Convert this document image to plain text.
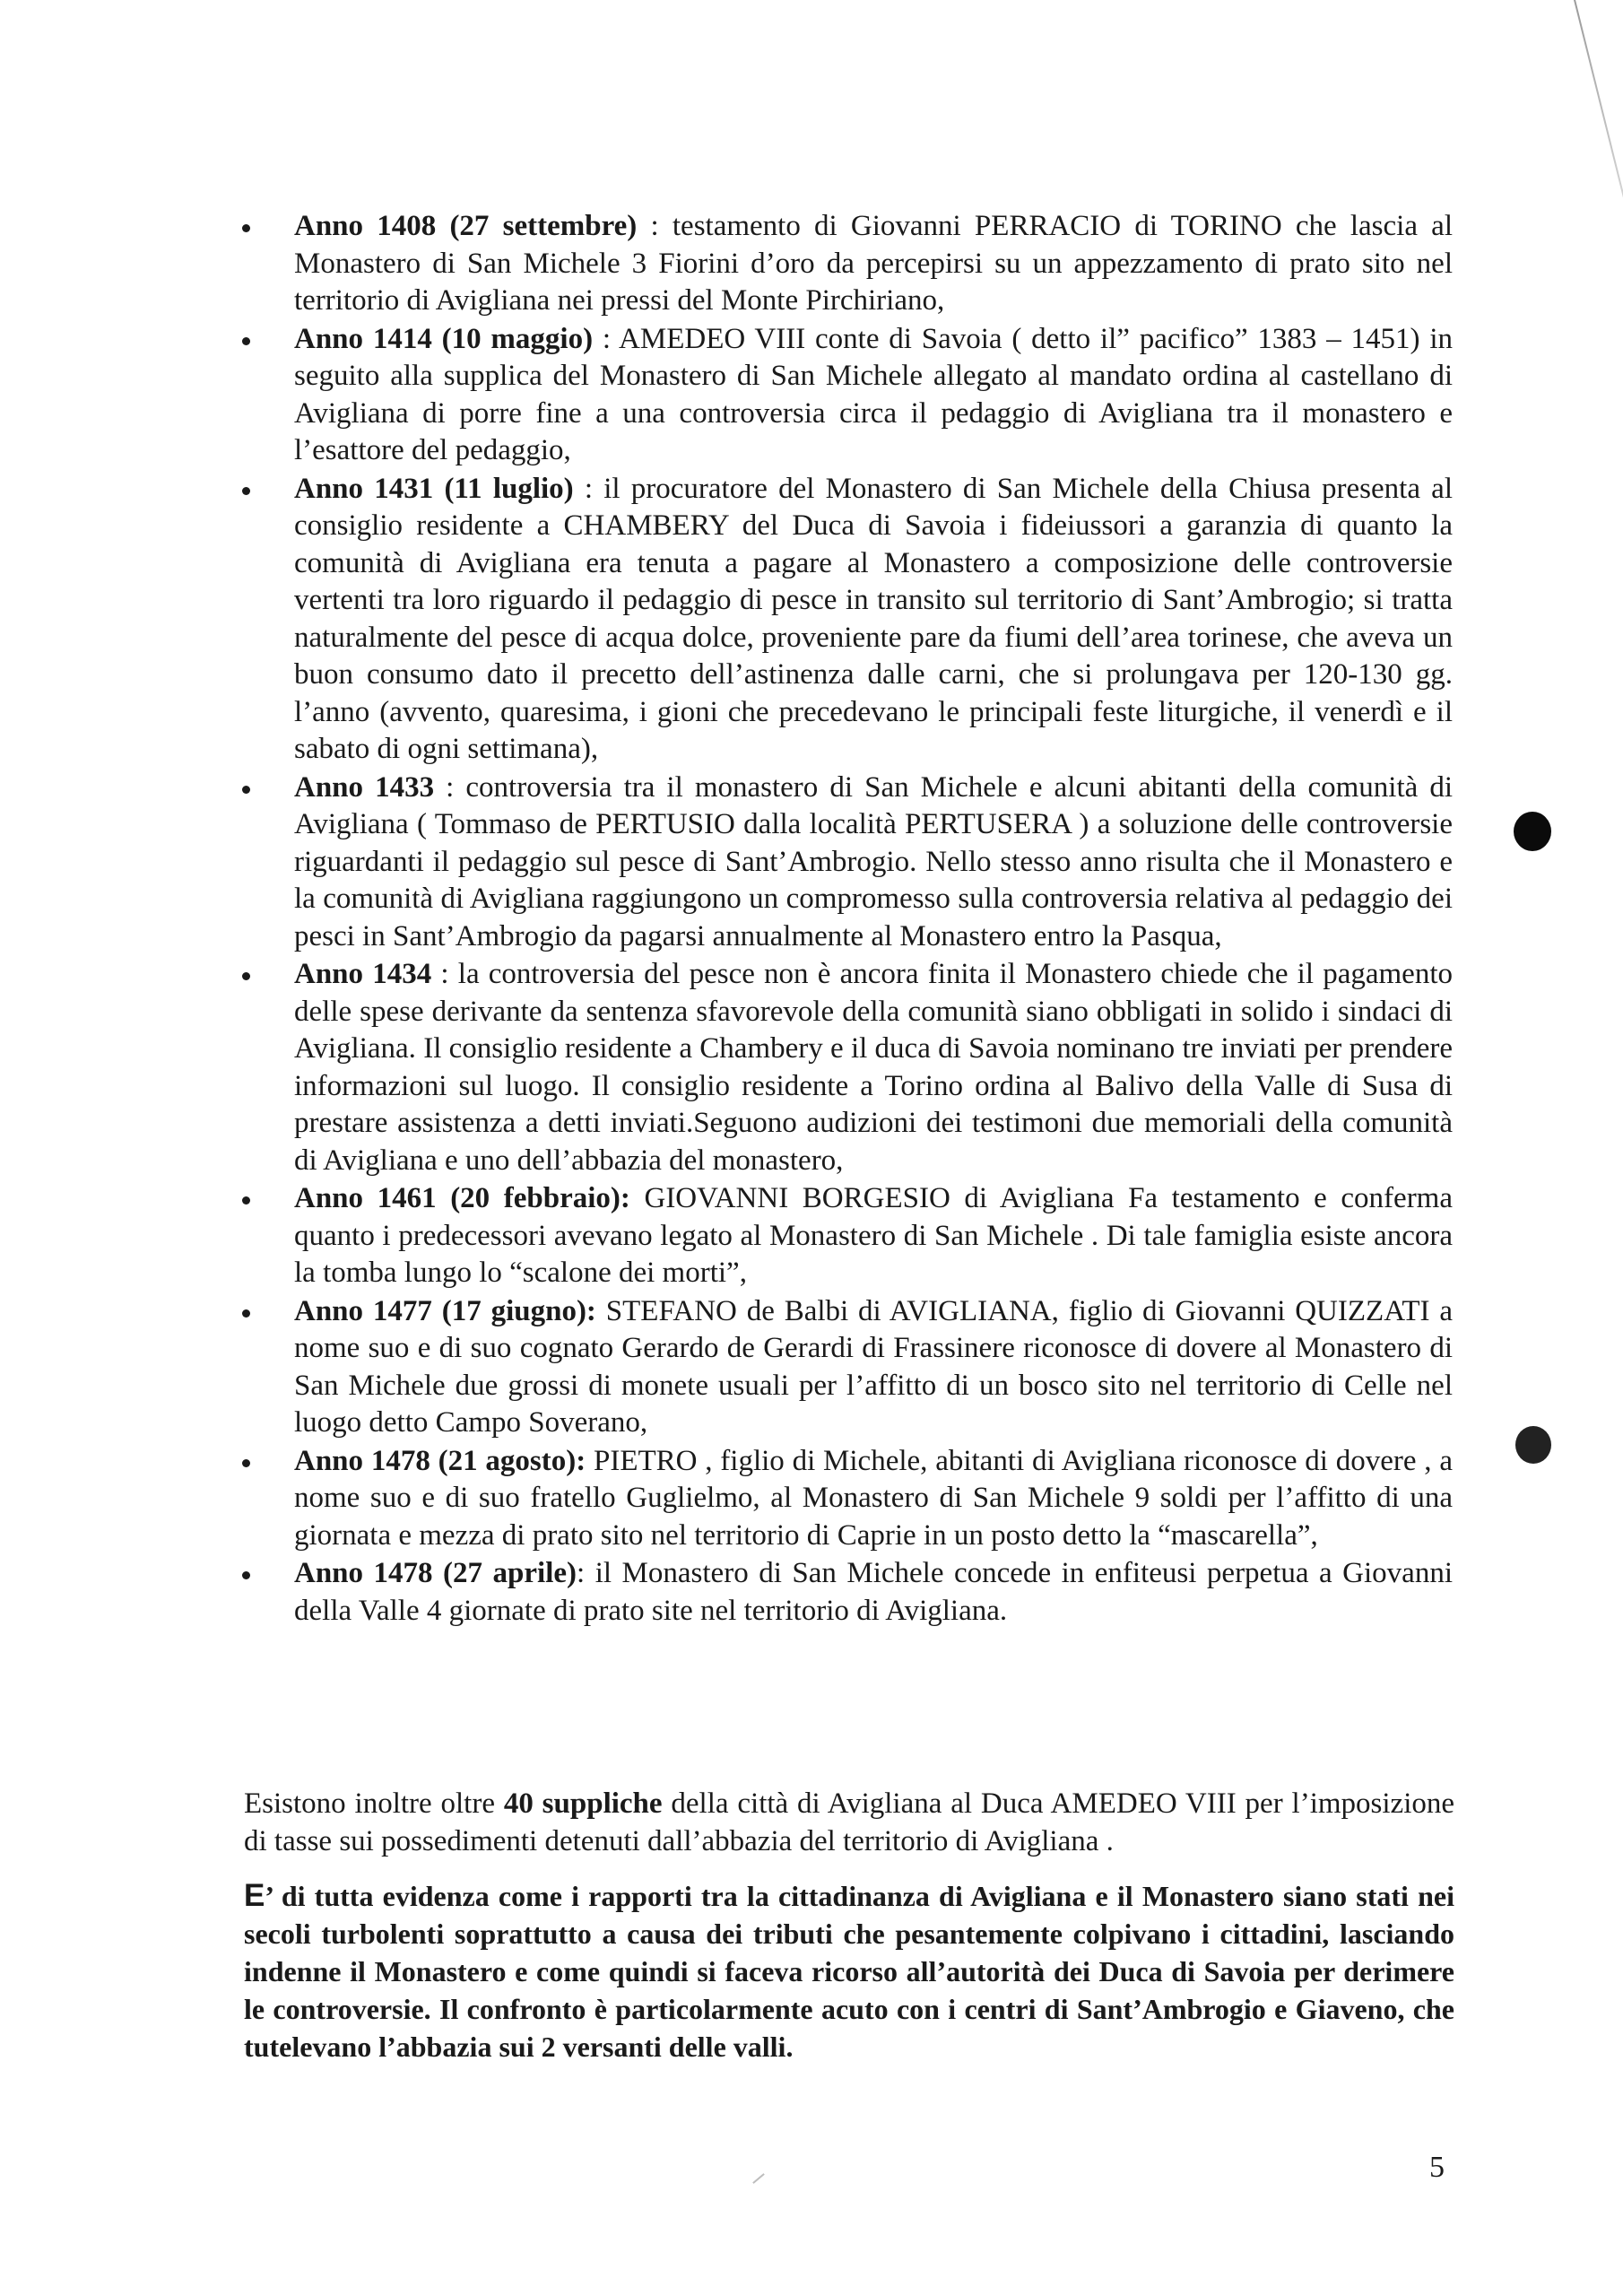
Anno 1408 (27 settembre) : testamento di Giovanni PERRACIO di TORINO che lascia al Monastero di San Michele 3 Fiorini d’oro da percepirsi su un appezzamento di prato sito nel territorio di Avigliana nei pressi del Monte Pirchiriano,
Anno 1414 (10 maggio) : AMEDEO VIII conte di Savoia ( detto il” pacifico” 1383 – 1451) in seguito alla supplica del Monastero di San Michele allegato al mandato ordina al castellano di Avigliana di porre fine a una controversia circa il pedaggio di Avigliana tra il monastero e l’esattore del pedaggio,
Anno 1431 (11 luglio) : il procuratore del Monastero di San Michele della Chiusa presenta al consiglio residente a CHAMBERY del Duca di Savoia i fideiussori a garanzia di quanto la comunità di Avigliana era tenuta a pagare al Monastero a composizione delle controversie vertenti tra loro riguardo il pedaggio di pesce in transito sul territorio di Sant’Ambrogio; si tratta naturalmente del pesce di acqua dolce, proveniente pare da fiumi dell’area torinese, che aveva un buon consumo dato il precetto dell’astinenza dalle carni, che si prolungava per 120-130 gg. l’anno (avvento, quaresima, i gioni che precedevano le principali feste liturgiche, il venerdì e il sabato di ogni settimana),
Anno 1433 : controversia tra il monastero di San Michele e alcuni abitanti della comunità di Avigliana ( Tommaso de PERTUSIO dalla località PERTUSERA ) a soluzione delle controversie riguardanti il pedaggio sul pesce di Sant’Ambrogio. Nello stesso anno risulta che il Monastero e la comunità di Avigliana raggiungono un compromesso sulla controversia relativa al pedaggio dei pesci in Sant’Ambrogio da pagarsi annualmente al Monastero entro la Pasqua,
Anno 1434 : la controversia del pesce non è ancora finita il Monastero chiede che il pagamento delle spese derivante da sentenza sfavorevole della comunità siano obbligati in solido i sindaci di Avigliana. Il consiglio residente a Chambery e il duca di Savoia nominano tre inviati per prendere informazioni sul luogo. Il consiglio residente a Torino ordina al Balivo della Valle di Susa di prestare assistenza a detti inviati.Seguono audizioni dei testimoni due memoriali della comunità di Avigliana e uno dell’abbazia del monastero,
Anno 1461 (20 febbraio): GIOVANNI BORGESIO di Avigliana Fa testamento e conferma quanto i predecessori avevano legato al Monastero di San Michele . Di tale famiglia esiste ancora la tomba lungo lo “scalone dei morti”,
Anno 1477 (17 giugno): STEFANO de Balbi di AVIGLIANA, figlio di Giovanni QUIZZATI a nome suo e di suo cognato Gerardo de Gerardi di Frassinere riconosce di dovere al Monastero di San Michele due grossi di monete usuali per l’affitto di un bosco sito nel territorio di Celle nel luogo detto Campo Soverano,
Anno 1478 (21 agosto): PIETRO , figlio di Michele, abitanti di Avigliana riconosce di dovere , a nome suo e di suo fratello Guglielmo, al Monastero di San Michele 9 soldi per l’affitto di una giornata e mezza di prato sito nel territorio di Caprie in un posto detto la “mascarella”,
Anno 1478 (27 aprile): il Monastero di San Michele concede in enfiteusi perpetua a Giovanni della Valle 4 giornate di prato site nel territorio di Avigliana.

Esistono inoltre oltre 40 suppliche della città di Avigliana al Duca AMEDEO VIII per l’imposizione di tasse sui possedimenti detenuti dall’abbazia del territorio di Avigliana .

E’ di tutta evidenza come i rapporti tra la cittadinanza di Avigliana e il Monastero siano stati nei secoli turbolenti soprattutto a causa dei tributi che pesantemente colpivano i cittadini, lasciando indenne il Monastero e come quindi si faceva ricorso all’autorità dei Duca di Savoia per derimere le controversie. Il confronto è particolarmente acuto con i centri di Sant’Ambrogio e Giaveno, che tutelevano l’abbazia sui 2 versanti delle valli.

5
